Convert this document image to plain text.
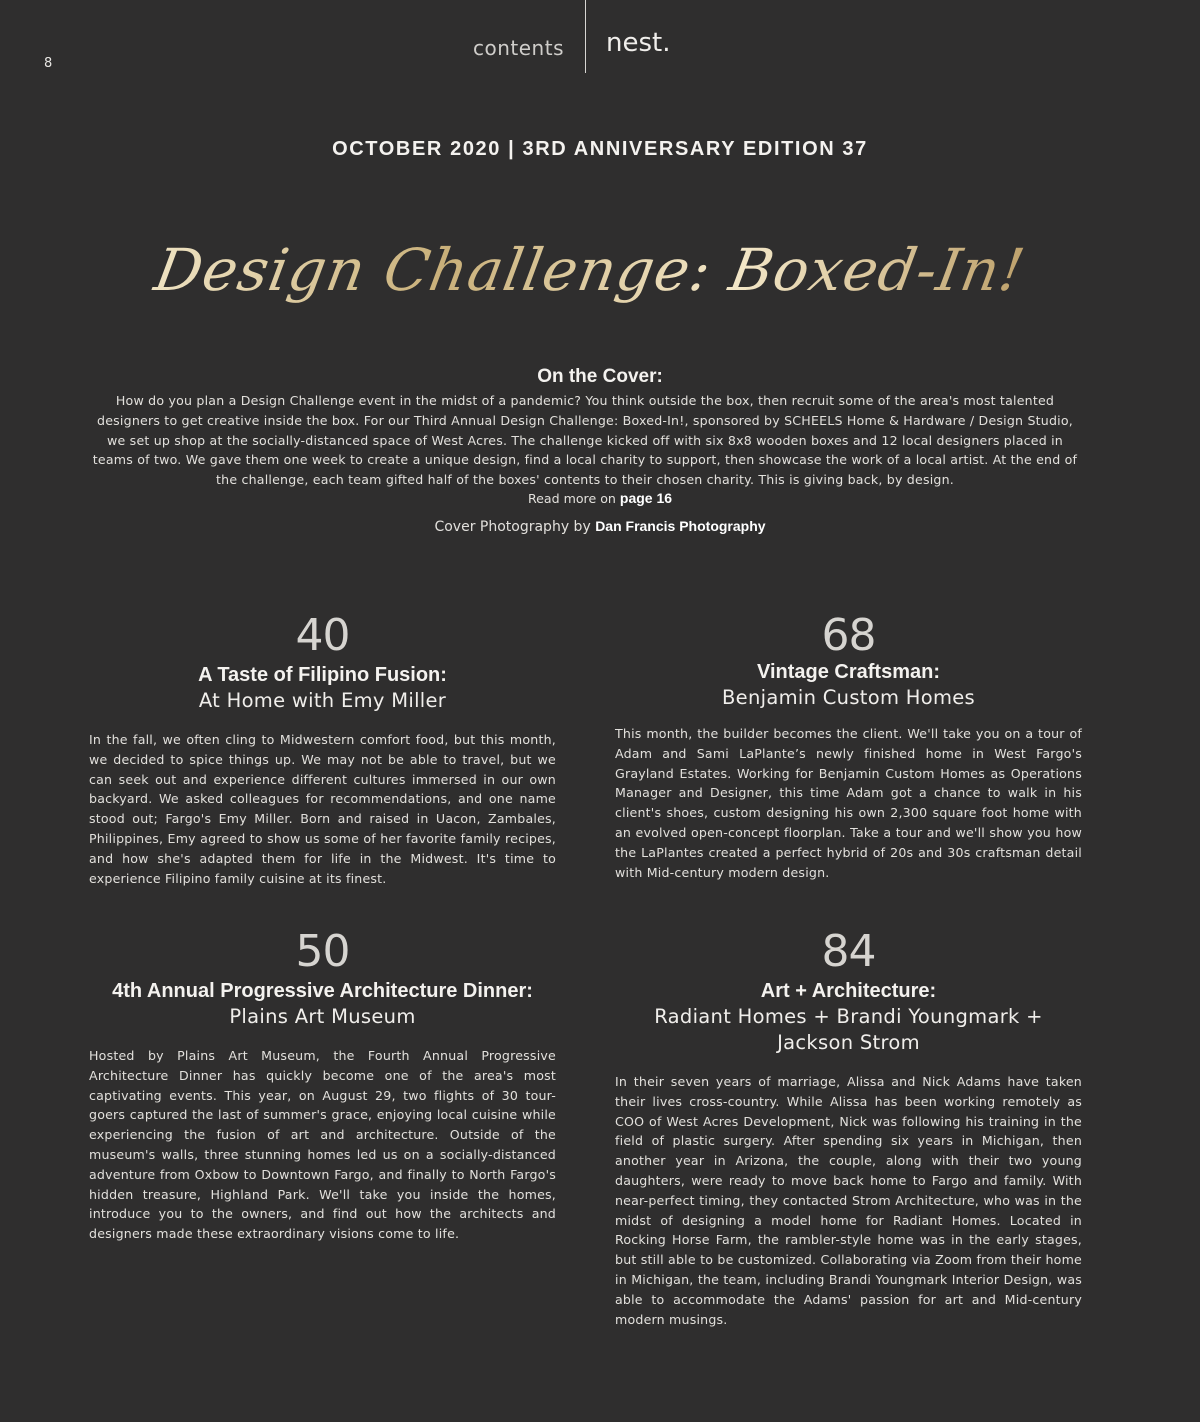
8
contents nest.
OCTOBER 2020 | 3RD ANNIVERSARY EDITION 37
Design Challenge: Boxed-In!
On the Cover:
How do you plan a Design Challenge event in the midst of a pandemic? You think outside the box, then recruit some of the area's most talented designers to get creative inside the box. For our Third Annual Design Challenge: Boxed-In!, sponsored by SCHEELS Home & Hardware / Design Studio, we set up shop at the socially-distanced space of West Acres. The challenge kicked off with six 8x8 wooden boxes and 12 local designers placed in teams of two. We gave them one week to create a unique design, find a local charity to support, then showcase the work of a local artist. At the end of the challenge, each team gifted half of the boxes' contents to their chosen charity. This is giving back, by design.
Read more on page 16
Cover Photography by Dan Francis Photography
40
A Taste of Filipino Fusion:
At Home with Emy Miller
In the fall, we often cling to Midwestern comfort food, but this month, we decided to spice things up. We may not be able to travel, but we can seek out and experience different cultures immersed in our own backyard. We asked colleagues for recommendations, and one name stood out; Fargo's Emy Miller. Born and raised in Uacon, Zambales, Philippines, Emy agreed to show us some of her favorite family recipes, and how she's adapted them for life in the Midwest. It's time to experience Filipino family cuisine at its finest.
68
Vintage Craftsman:
Benjamin Custom Homes
This month, the builder becomes the client. We'll take you on a tour of Adam and Sami LaPlante’s newly finished home in West Fargo's Grayland Estates. Working for Benjamin Custom Homes as Operations Manager and Designer, this time Adam got a chance to walk in his client's shoes, custom designing his own 2,300 square foot home with an evolved open-concept floorplan. Take a tour and we'll show you how the LaPlantes created a perfect hybrid of 20s and 30s craftsman detail with Mid-century modern design.
50
4th Annual Progressive Architecture Dinner:
Plains Art Museum
Hosted by Plains Art Museum, the Fourth Annual Progressive Architecture Dinner has quickly become one of the area's most captivating events. This year, on August 29, two flights of 30 tour-goers captured the last of summer's grace, enjoying local cuisine while experiencing the fusion of art and architecture. Outside of the museum's walls, three stunning homes led us on a socially-distanced adventure from Oxbow to Downtown Fargo, and finally to North Fargo's hidden treasure, Highland Park. We'll take you inside the homes, introduce you to the owners, and find out how the architects and designers made these extraordinary visions come to life.
84
Art + Architecture:
Radiant Homes + Brandi Youngmark + Jackson Strom
In their seven years of marriage, Alissa and Nick Adams have taken their lives cross-country. While Alissa has been working remotely as COO of West Acres Development, Nick was following his training in the field of plastic surgery. After spending six years in Michigan, then another year in Arizona, the couple, along with their two young daughters, were ready to move back home to Fargo and family. With near-perfect timing, they contacted Strom Architecture, who was in the midst of designing a model home for Radiant Homes. Located in Rocking Horse Farm, the rambler-style home was in the early stages, but still able to be customized. Collaborating via Zoom from their home in Michigan, the team, including Brandi Youngmark Interior Design, was able to accommodate the Adams' passion for art and Mid-century modern musings.
